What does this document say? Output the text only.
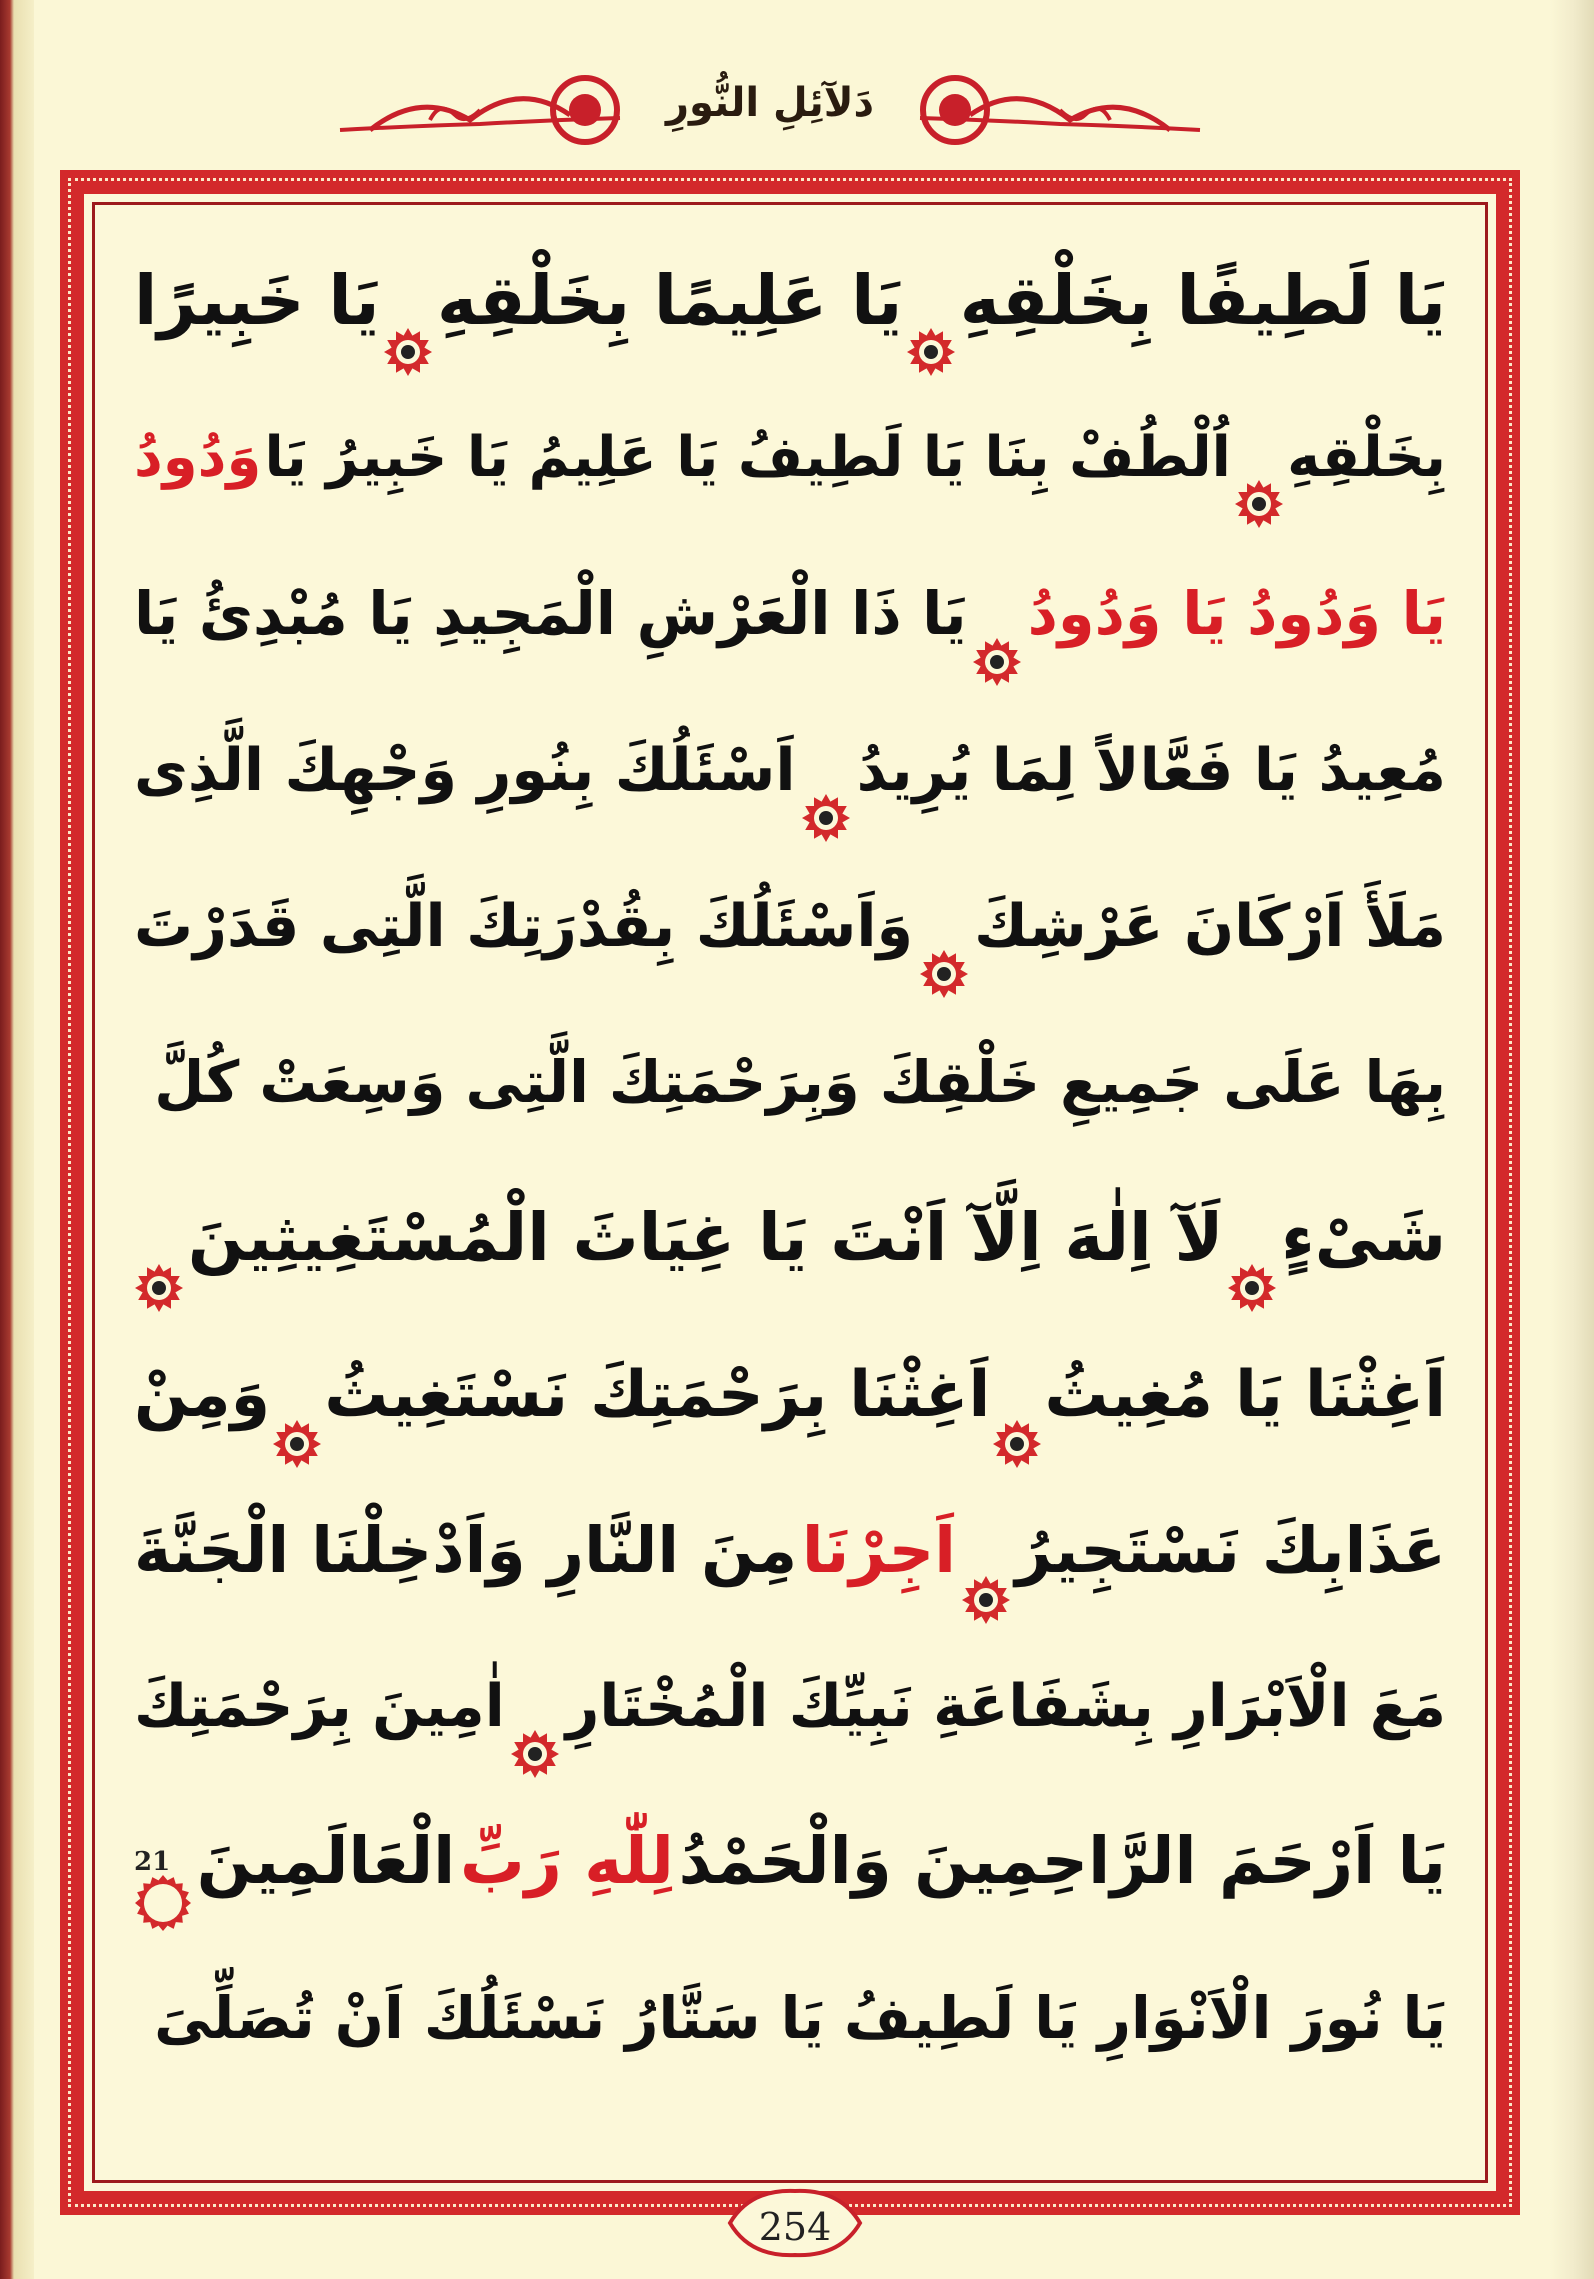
دَلآئِلِ النُّورِ
يَا لَطِيفًا بِخَلْقِهِ
يَا عَلِيمًا بِخَلْقِهِ
يَا خَبِيرًا
بِخَلْقِهِ
اُلْطُفْ بِنَا يَا لَطِيفُ يَا عَلِيمُ يَا خَبِيرُ يَا
وَدُودُ
يَا وَدُودُ يَا وَدُودُ
يَا ذَا الْعَرْشِ الْمَجِيدِ يَا مُبْدِئُ يَا
مُعِيدُ يَا فَعَّالاً لِمَا يُرِيدُ
اَسْئَلُكَ بِنُورِ وَجْهِكَ الَّذِى
مَلَأَ اَرْكَانَ عَرْشِكَ
وَاَسْئَلُكَ بِقُدْرَتِكَ الَّتِى قَدَرْتَ
بِهَا عَلَى جَمِيعِ خَلْقِكَ وَبِرَحْمَتِكَ الَّتِى وَسِعَتْ كُلَّ
شَىْءٍ
لَآ اِلٰهَ اِلَّآ اَنْتَ يَا غِيَاثَ الْمُسْتَغِيثِينَ
اَغِثْنَا يَا مُغِيثُ
اَغِثْنَا بِرَحْمَتِكَ نَسْتَغِيثُ
وَمِنْ
عَذَابِكَ نَسْتَجِيرُ
اَجِرْنَا
مِنَ النَّارِ وَاَدْخِلْنَا الْجَنَّةَ
مَعَ الْاَبْرَارِ بِشَفَاعَةِ نَبِيِّكَ الْمُخْتَارِ
اٰمِينَ بِرَحْمَتِكَ
يَا اَرْحَمَ الرَّاحِمِينَ وَالْحَمْدُ
لِلّٰهِ رَبِّ
الْعَالَمِينَ
21
يَا نُورَ الْاَنْوَارِ يَا لَطِيفُ يَا سَتَّارُ نَسْئَلُكَ اَنْ تُصَلِّىَ
254
